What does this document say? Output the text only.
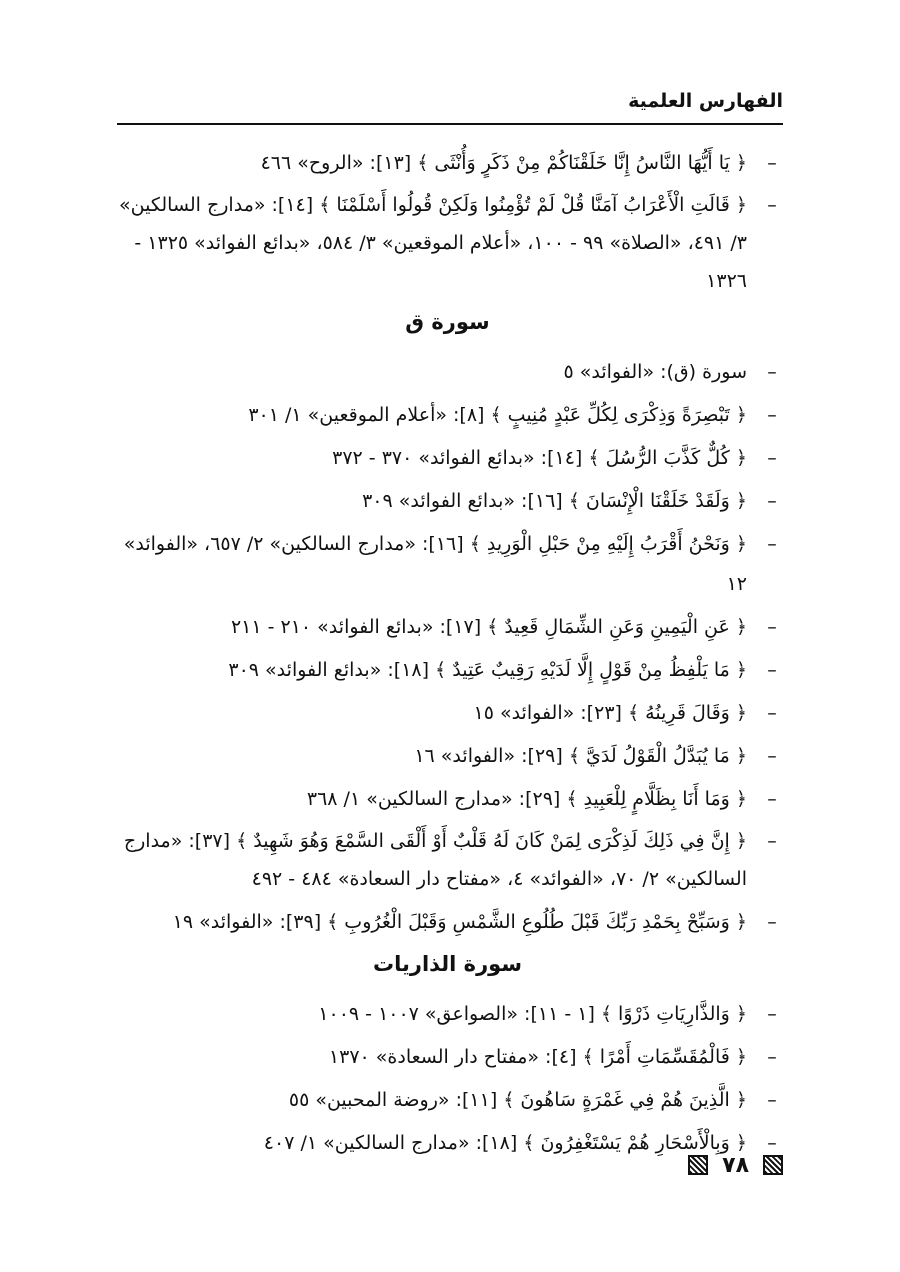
الفهارس العلمية
–
﴿ يَا أَيُّهَا النَّاسُ إِنَّا خَلَقْنَاكُمْ مِنْ ذَكَرٍ وَأُنْثَى ﴾ [١٣]: «الروح» ٤٦٦
–
﴿ قَالَتِ الْأَعْرَابُ آمَنَّا قُلْ لَمْ تُؤْمِنُوا وَلَكِنْ قُولُوا أَسْلَمْنَا ﴾ [١٤]: «مدارج السالكين» ٣/ ٤٩١، «الصلاة» ٩٩ - ١٠٠، «أعلام الموقعين» ٣/ ٥٨٤، «بدائع الفوائد» ١٣٢٥ - ١٣٢٦
سورة ق
–
سورة (ق): «الفوائد» ٥
–
﴿ تَبْصِرَةً وَذِكْرَى لِكُلِّ عَبْدٍ مُنِيبٍ ﴾ [٨]: «أعلام الموقعين» ١/ ٣٠١
–
﴿ كُلٌّ كَذَّبَ الرُّسُلَ ﴾ [١٤]: «بدائع الفوائد» ٣٧٠ - ٣٧٢
–
﴿ وَلَقَدْ خَلَقْنَا الْإِنْسَانَ ﴾ [١٦]: «بدائع الفوائد» ٣٠٩
–
﴿ وَنَحْنُ أَقْرَبُ إِلَيْهِ مِنْ حَبْلِ الْوَرِيدِ ﴾ [١٦]: «مدارج السالكين» ٢/ ٦٥٧، «الفوائد» ١٢
–
﴿ عَنِ الْيَمِينِ وَعَنِ الشِّمَالِ قَعِيدٌ ﴾ [١٧]: «بدائع الفوائد» ٢١٠ - ٢١١
–
﴿ مَا يَلْفِظُ مِنْ قَوْلٍ إِلَّا لَدَيْهِ رَقِيبٌ عَتِيدٌ ﴾ [١٨]: «بدائع الفوائد» ٣٠٩
–
﴿ وَقَالَ قَرِينُهُ ﴾ [٢٣]: «الفوائد» ١٥
–
﴿ مَا يُبَدَّلُ الْقَوْلُ لَدَيَّ ﴾ [٢٩]: «الفوائد» ١٦
–
﴿ وَمَا أَنَا بِظَلَّامٍ لِلْعَبِيدِ ﴾ [٢٩]: «مدارج السالكين» ١/ ٣٦٨
–
﴿ إِنَّ فِي ذَلِكَ لَذِكْرَى لِمَنْ كَانَ لَهُ قَلْبٌ أَوْ أَلْقَى السَّمْعَ وَهُوَ شَهِيدٌ ﴾ [٣٧]: «مدارج السالكين» ٢/ ٧٠، «الفوائد» ٤، «مفتاح دار السعادة» ٤٨٤ - ٤٩٢
–
﴿ وَسَبِّحْ بِحَمْدِ رَبِّكَ قَبْلَ طُلُوعِ الشَّمْسِ وَقَبْلَ الْغُرُوبِ ﴾ [٣٩]: «الفوائد» ١٩
سورة الذاريات
–
﴿ وَالذَّارِيَاتِ ذَرْوًا ﴾ [١ - ١١]: «الصواعق» ١٠٠٧ - ١٠٠٩
–
﴿ فَالْمُقَسِّمَاتِ أَمْرًا ﴾ [٤]: «مفتاح دار السعادة» ١٣٧٠
–
﴿ الَّذِينَ هُمْ فِي غَمْرَةٍ سَاهُونَ ﴾ [١١]: «روضة المحبين» ٥٥
–
﴿ وَبِالْأَسْحَارِ هُمْ يَسْتَغْفِرُونَ ﴾ [١٨]: «مدارج السالكين» ١/ ٤٠٧
٧٨
